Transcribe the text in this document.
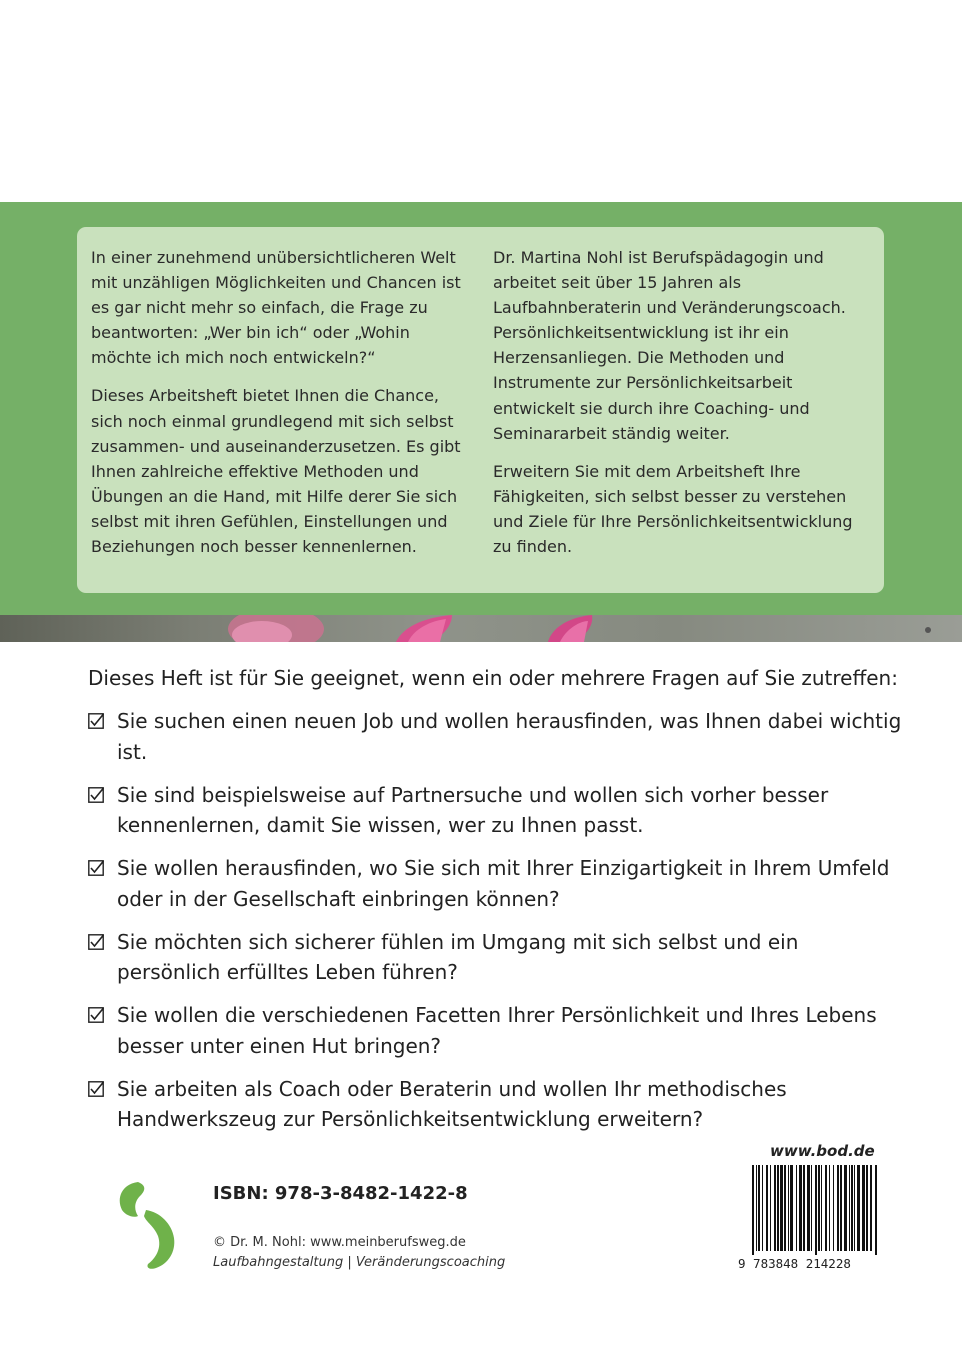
In einer zunehmend unübersichtlicheren Welt mit unzähligen Möglichkeiten und Chancen ist es gar nicht mehr so einfach, die Frage zu beantworten: „Wer bin ich“ oder „Wohin möchte ich mich noch entwickeln?“

Dieses Arbeitsheft bietet Ihnen die Chance, sich noch einmal grundlegend mit sich selbst zusammen- und auseinanderzusetzen. Es gibt Ihnen zahlreiche effektive Methoden und Übungen an die Hand, mit Hilfe derer Sie sich selbst mit ihren Gefühlen, Einstellungen und Beziehungen noch besser kennenlernen.

Dr. Martina Nohl ist Berufspädagogin und arbeitet seit über 15 Jahren als Laufbahnberaterin und Veränderungscoach. Persönlichkeitsentwicklung ist ihr ein Herzensanliegen. Die Methoden und Instrumente zur Persönlichkeitsarbeit entwickelt sie durch ihre Coaching- und Seminararbeit ständig weiter.

Erweitern Sie mit dem Arbeitsheft Ihre Fähigkeiten, sich selbst besser zu verstehen und Ziele für Ihre Persönlichkeitsentwicklung zu finden.

Dieses Heft ist für Sie geeignet, wenn ein oder mehrere Fragen auf Sie zutreffen:
Sie suchen einen neuen Job und wollen herausfinden, was Ihnen dabei wichtig ist.
Sie sind beispielsweise auf Partnersuche und wollen sich vorher besser kennenlernen, damit Sie wissen, wer zu Ihnen passt.
Sie wollen herausfinden, wo Sie sich mit Ihrer Einzigartigkeit in Ihrem Umfeld oder in der Gesellschaft einbringen können?
Sie möchten sich sicherer fühlen im Umgang mit sich selbst und ein persönlich erfülltes Leben führen?
Sie wollen die verschiedenen Facetten Ihrer Persönlichkeit und Ihres Lebens besser unter einen Hut bringen?
Sie arbeiten als Coach oder Beraterin und wollen Ihr methodisches Handwerkszeug zur Persönlichkeitsentwicklung erweitern?
www.bod.de
ISBN: 978-3-8482-1422-8
© Dr. M. Nohl: www.meinberufsweg.de
Laufbahngestaltung | Veränderungscoaching	9 783848 214228
